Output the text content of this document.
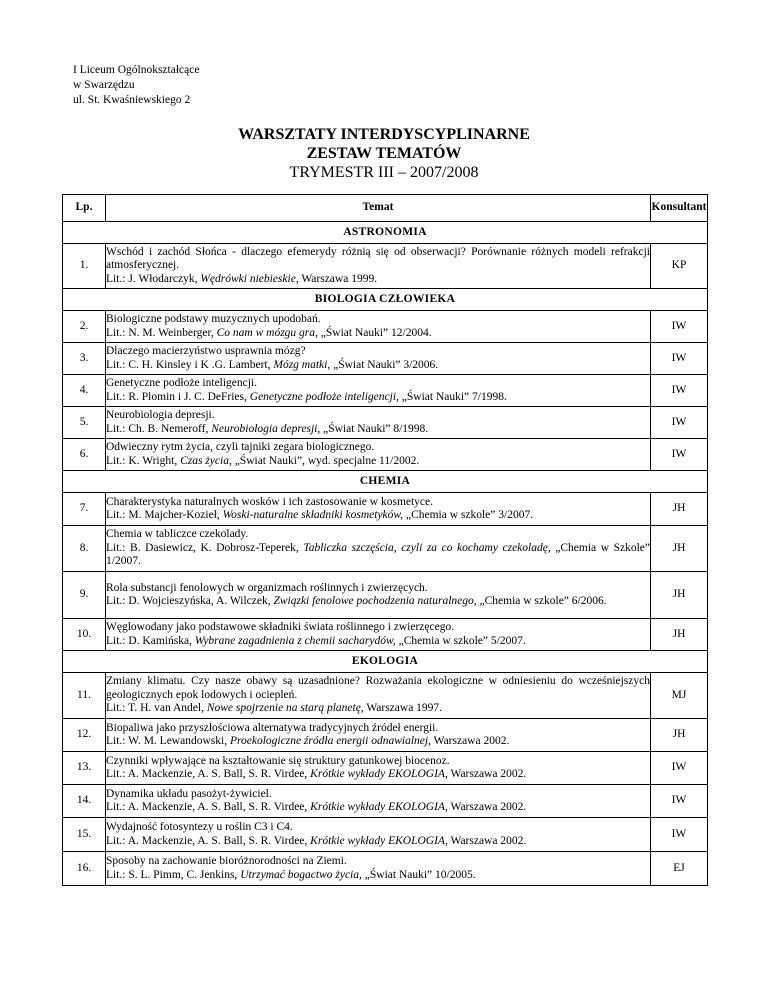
I Liceum Ogólnokształcące
w Swarzędzu
ul. St. Kwaśniewskiego 2
WARSZTATY INTERDYSCYPLINARNE
ZESTAW TEMATÓW
TRYMESTR III – 2007/2008
Lp.	Temat	Konsultant
ASTRONOMIA		
1.	Wschód i zachód Słońca - dlaczego efemerydy różnią się od obserwacji? Porównanie różnych modeli refrakcji atmosferycznej.
Lit.: J. Włodarczyk, Wędrówki niebieskie, Warszawa 1999.	KP
BIOLOGIA CZŁOWIEKA		
2.	Biologiczne podstawy muzycznych upodobań.
Lit.: N. M. Weinberger, Co nam w mózgu gra, „Świat Nauki” 12/2004.	IW
3.	Dlaczego macierzyństwo usprawnia mózg?
Lit.: C. H. Kinsley i K .G. Lambert, Mózg matki, „Świat Nauki” 3/2006.	IW
4.	Genetyczne podłoże inteligencji.
Lit.: R. Plomin i J. C. DeFries, Genetyczne podłoże inteligencji, „Świat Nauki” 7/1998.	IW
5.	Neurobiologia depresji.
Lit.: Ch. B. Nemeroff, Neurobiologia depresji, „Świat Nauki” 8/1998.	IW
6.	Odwieczny rytm życia, czyli tajniki zegara biologicznego.
Lit.: K. Wright, Czas życia, „Świat Nauki”, wyd. specjalne 11/2002.	IW
CHEMIA		
7.	Charakterystyka naturalnych wosków i ich zastosowanie w kosmetyce.
Lit.: M. Majcher-Kozieł, Woski-naturalne składniki kosmetyków, „Chemia w szkole” 3/2007.	JH
8.	Chemia w tabliczce czekolady.
Lit.: B. Dasiewicz, K. Dobrosz-Teperek, Tabliczka szczęścia, czyli za co kochamy czekoladę, „Chemia w Szkole” 1/2007.	JH
9.	Rola substancji fenolowych w organizmach roślinnych i zwierzęcych.
Lit.: D. Wojcieszyńska, A. Wilczek, Związki fenolowe pochodzenia naturalnego, „Chemia w szkole” 6/2006.	JH
10.	Węglowodany jako podstawowe składniki świata roślinnego i zwierzęcego.
Lit.: D. Kamińska, Wybrane zagadnienia z chemii sacharydów, „Chemia w szkole” 5/2007.	JH
EKOLOGIA		
11.	Zmiany klimatu. Czy nasze obawy są uzasadnione? Rozważania ekologiczne w odniesieniu do wcześniejszych geologicznych epok lodowych i ociepleń.
Lit.: T. H. van Andel, Nowe spojrzenie na starą planetę, Warszawa 1997.	MJ
12.	Biopaliwa jako przyszłościowa alternatywa tradycyjnych źródeł energii.
Lit.: W. M. Lewandowski, Proekologiczne źródła energii odnawialnej, Warszawa 2002.	JH
13.	Czynniki wpływające na kształtowanie się struktury gatunkowej biocenoz.
Lit.: A. Mackenzie, A. S. Ball, S. R. Virdee, Krótkie wykłady EKOLOGIA, Warszawa 2002.	IW
14.	Dynamika układu pasożyt-żywiciel.
Lit.: A. Mackenzie, A. S. Ball, S. R. Virdee, Krótkie wykłady EKOLOGIA, Warszawa 2002.	IW
15.	Wydajność fotosyntezy u roślin C3 i C4.
Lit.: A. Mackenzie, A. S. Ball, S. R. Virdee, Krótkie wykłady EKOLOGIA, Warszawa 2002.	IW
16.	Sposoby na zachowanie bioróżnorodności na Ziemi.
Lit.: S. L. Pimm, C. Jenkins, Utrzymać bogactwo życia, „Świat Nauki” 10/2005.	EJ
